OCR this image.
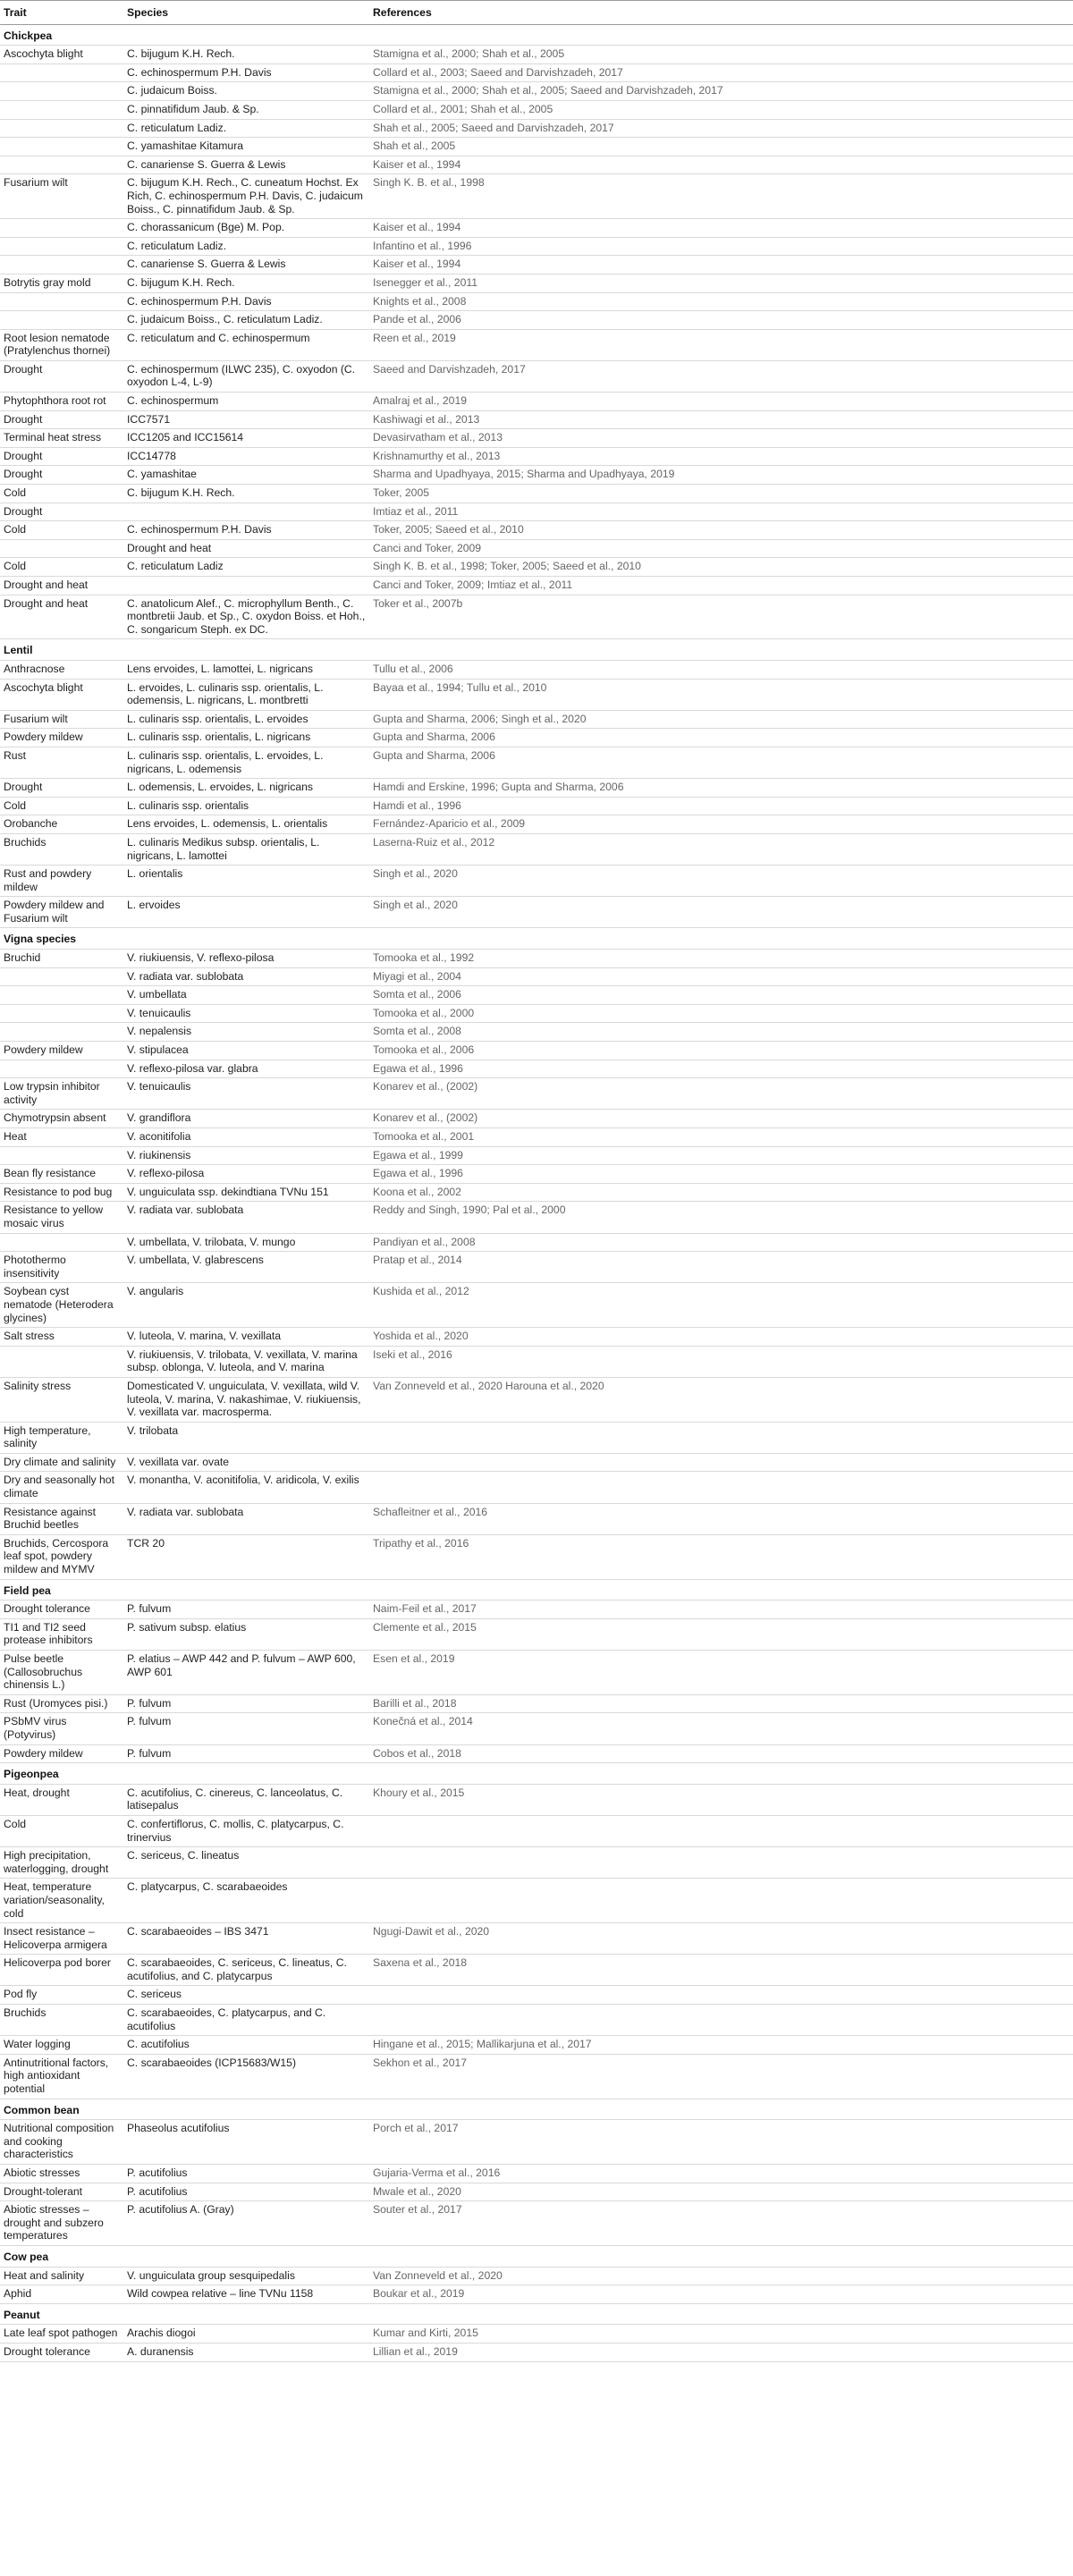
Trait	Species	References
Chickpea		
Ascochyta blight	C. bijugum K.H. Rech.	Stamigna et al., 2000; Shah et al., 2005
	C. echinospermum P.H. Davis	Collard et al., 2003; Saeed and Darvishzadeh, 2017
	C. judaicum Boiss.	Stamigna et al., 2000; Shah et al., 2005; Saeed and Darvishzadeh, 2017
	C. pinnatifidum Jaub. & Sp.	Collard et al., 2001; Shah et al., 2005
	C. reticulatum Ladiz.	Shah et al., 2005; Saeed and Darvishzadeh, 2017
	C. yamashitae Kitamura	Shah et al., 2005
	C. canariense S. Guerra & Lewis	Kaiser et al., 1994
Fusarium wilt	C. bijugum K.H. Rech., C. cuneatum Hochst. Ex Rich, C. echinospermum P.H. Davis, C. judaicum Boiss., C. pinnatifidum Jaub. & Sp.	Singh K. B. et al., 1998
	C. chorassanicum (Bge) M. Pop.	Kaiser et al., 1994
	C. reticulatum Ladiz.	Infantino et al., 1996
	C. canariense S. Guerra & Lewis	Kaiser et al., 1994
Botrytis gray mold	C. bijugum K.H. Rech.	Isenegger et al., 2011
	C. echinospermum P.H. Davis	Knights et al., 2008
	C. judaicum Boiss., C. reticulatum Ladiz.	Pande et al., 2006
Root lesion nematode (Pratylenchus thornei)	C. reticulatum and C. echinospermum	Reen et al., 2019
Drought	C. echinospermum (ILWC 235), C. oxyodon (C. oxyodon L-4, L-9)	Saeed and Darvishzadeh, 2017
Phytophthora root rot	C. echinospermum	Amalraj et al., 2019
Drought	ICC7571	Kashiwagi et al., 2013
Terminal heat stress	ICC1205 and ICC15614	Devasirvatham et al., 2013
Drought	ICC14778	Krishnamurthy et al., 2013
Drought	C. yamashitae	Sharma and Upadhyaya, 2015; Sharma and Upadhyaya, 2019
Cold	C. bijugum K.H. Rech.	Toker, 2005
Drought		Imtiaz et al., 2011
Cold	C. echinospermum P.H. Davis	Toker, 2005; Saeed et al., 2010
	Drought and heat	Canci and Toker, 2009
Cold	C. reticulatum Ladiz	Singh K. B. et al., 1998; Toker, 2005; Saeed et al., 2010
Drought and heat		Canci and Toker, 2009; Imtiaz et al., 2011
Drought and heat	C. anatolicum Alef., C. microphyllum Benth., C. montbretii Jaub. et Sp., C. oxydon Boiss. et Hoh., C. songaricum Steph. ex DC.	Toker et al., 2007b
Lentil		
Anthracnose	Lens ervoides, L. lamottei, L. nigricans	Tullu et al., 2006
Ascochyta blight	L. ervoides, L. culinaris ssp. orientalis, L. odemensis, L. nigricans, L. montbretti	Bayaa et al., 1994; Tullu et al., 2010
Fusarium wilt	L. culinaris ssp. orientalis, L. ervoides	Gupta and Sharma, 2006; Singh et al., 2020
Powdery mildew	L. culinaris ssp. orientalis, L. nigricans	Gupta and Sharma, 2006
Rust	L. culinaris ssp. orientalis, L. ervoides, L. nigricans, L. odemensis	Gupta and Sharma, 2006
Drought	L. odemensis, L. ervoides, L. nigricans	Hamdi and Erskine, 1996; Gupta and Sharma, 2006
Cold	L. culinaris ssp. orientalis	Hamdi et al., 1996
Orobanche	Lens ervoides, L. odemensis, L. orientalis	Fernández-Aparicio et al., 2009
Bruchids	L. culinaris Medikus subsp. orientalis, L. nigricans, L. lamottei	Laserna-Ruiz et al., 2012
Rust and powdery mildew	L. orientalis	Singh et al., 2020
Powdery mildew and Fusarium wilt	L. ervoides	Singh et al., 2020
Vigna species		
Bruchid	V. riukiuensis, V. reflexo-pilosa	Tomooka et al., 1992
	V. radiata var. sublobata	Miyagi et al., 2004
	V. umbellata	Somta et al., 2006
	V. tenuicaulis	Tomooka et al., 2000
	V. nepalensis	Somta et al., 2008
Powdery mildew	V. stipulacea	Tomooka et al., 2006
	V. reflexo-pilosa var. glabra	Egawa et al., 1996
Low trypsin inhibitor activity	V. tenuicaulis	Konarev et al., (2002)
Chymotrypsin absent	V. grandiflora	Konarev et al., (2002)
Heat	V. aconitifolia	Tomooka et al., 2001
	V. riukinensis	Egawa et al., 1999
Bean fly resistance	V. reflexo-pilosa	Egawa et al., 1996
Resistance to pod bug	V. unguiculata ssp. dekindtiana TVNu 151	Koona et al., 2002
Resistance to yellow mosaic virus	V. radiata var. sublobata	Reddy and Singh, 1990; Pal et al., 2000
	V. umbellata, V. trilobata, V. mungo	Pandiyan et al., 2008
Photothermo insensitivity	V. umbellata, V. glabrescens	Pratap et al., 2014
Soybean cyst nematode (Heterodera glycines)	V. angularis	Kushida et al., 2012
Salt stress	V. luteola, V. marina, V. vexillata	Yoshida et al., 2020
	V. riukiuensis, V. trilobata, V. vexillata, V. marina subsp. oblonga, V. luteola, and V. marina	Iseki et al., 2016
Salinity stress	Domesticated V. unguiculata, V. vexillata, wild V. luteola, V. marina, V. nakashimae, V. riukiuensis, V. vexillata var. macrosperma.	Van Zonneveld et al., 2020 Harouna et al., 2020
High temperature, salinity	V. trilobata	
Dry climate and salinity	V. vexillata var. ovate	
Dry and seasonally hot climate	V. monantha, V. aconitifolia, V. aridicola, V. exilis	
Resistance against Bruchid beetles	V. radiata var. sublobata	Schafleitner et al., 2016
Bruchids, Cercospora leaf spot, powdery mildew and MYMV	TCR 20	Tripathy et al., 2016
Field pea		
Drought tolerance	P. fulvum	Naim-Feil et al., 2017
TI1 and TI2 seed protease inhibitors	P. sativum subsp. elatius	Clemente et al., 2015
Pulse beetle (Callosobruchus chinensis L.)	P. elatius – AWP 442 and P. fulvum – AWP 600, AWP 601	Esen et al., 2019
Rust (Uromyces pisi.)	P. fulvum	Barilli et al., 2018
PSbMV virus (Potyvirus)	P. fulvum	Konečná et al., 2014
Powdery mildew	P. fulvum	Cobos et al., 2018
Pigeonpea		
Heat, drought	C. acutifolius, C. cinereus, C. lanceolatus, C. latisepalus	Khoury et al., 2015
Cold	C. confertiflorus, C. mollis, C. platycarpus, C. trinervius	
High precipitation, waterlogging, drought	C. sericeus, C. lineatus	
Heat, temperature variation/seasonality, cold	C. platycarpus, C. scarabaeoides	
Insect resistance – Helicoverpa armigera	C. scarabaeoides – IBS 3471	Ngugi-Dawit et al., 2020
Helicoverpa pod borer	C. scarabaeoides, C. sericeus, C. lineatus, C. acutifolius, and C. platycarpus	Saxena et al., 2018
Pod fly	C. sericeus	
Bruchids	C. scarabaeoides, C. platycarpus, and C. acutifolius	
Water logging	C. acutifolius	Hingane et al., 2015; Mallikarjuna et al., 2017
Antinutritional factors, high antioxidant potential	C. scarabaeoides (ICP15683/W15)	Sekhon et al., 2017
Common bean		
Nutritional composition and cooking characteristics	Phaseolus acutifolius	Porch et al., 2017
Abiotic stresses	P. acutifolius	Gujaria-Verma et al., 2016
Drought-tolerant	P. acutifolius	Mwale et al., 2020
Abiotic stresses – drought and subzero temperatures	P. acutifolius A. (Gray)	Souter et al., 2017
Cow pea		
Heat and salinity	V. unguiculata group sesquipedalis	Van Zonneveld et al., 2020
Aphid	Wild cowpea relative – line TVNu 1158	Boukar et al., 2019
Peanut		
Late leaf spot pathogen	Arachis diogoi	Kumar and Kirti, 2015
Drought tolerance	A. duranensis	Lillian et al., 2019
